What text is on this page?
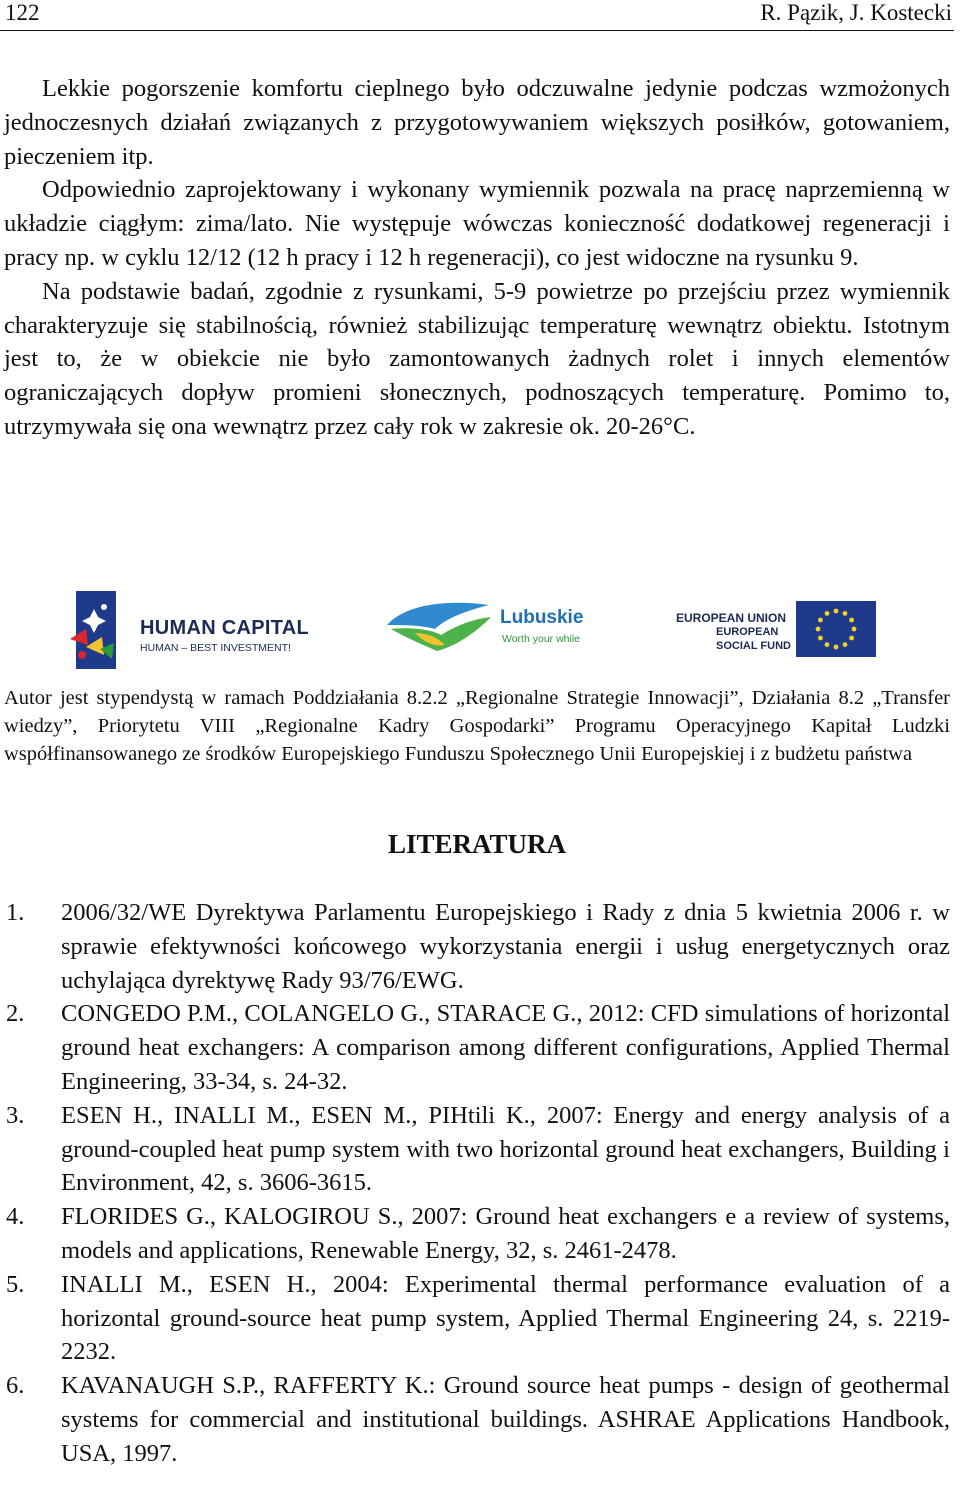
122	R. Pązik, J. Kostecki

Lekkie pogorszenie komfortu cieplnego było odczuwalne jedynie podczas wzmożonych jednoczesnych działań związanych z przygotowywaniem większych posiłków, gotowaniem, pieczeniem itp.

Odpowiednio zaprojektowany i wykonany wymiennik pozwala na pracę naprzemienną w układzie ciągłym: zima/lato. Nie występuje wówczas konieczność dodatkowej regeneracji i pracy np. w cyklu 12/12 (12 h pracy i 12 h regeneracji), co jest widoczne na rysunku 9.

Na podstawie badań, zgodnie z rysunkami, 5-9 powietrze po przejściu przez wymiennik charakteryzuje się stabilnością, również stabilizując temperaturę wewnątrz obiektu. Istotnym jest to, że w obiekcie nie było zamontowanych żadnych rolet i innych elementów ograniczających dopływ promieni słonecznych, podnoszących temperaturę. Pomimo to, utrzymywała się ona wewnątrz przez cały rok w zakresie ok. 20-26°C.

HUMAN CAPITAL
HUMAN – BEST INVESTMENT!
Lubuskie
Worth your while
EUROPEAN UNION
EUROPEAN
SOCIAL FUND
Autor jest stypendystą w ramach Poddziałania 8.2.2 „Regionalne Strategie Innowacji”, Działania 8.2 „Transfer wiedzy”, Priorytetu VIII „Regionalne Kadry Gospodarki” Programu Operacyjnego Kapitał Ludzki współfinansowanego ze środków Europejskiego Funduszu Społecznego Unii Europejskiej i z budżetu państwa
LITERATURA
1. 2006/32/WE Dyrektywa Parlamentu Europejskiego i Rady z dnia 5 kwietnia 2006 r. w sprawie efektywności końcowego wykorzystania energii i usług energetycznych oraz uchylająca dyrektywę Rady 93/76/EWG.
2. CONGEDO P.M., COLANGELO G., STARACE G., 2012: CFD simulations of horizontal ground heat exchangers: A comparison among different configurations, Applied Thermal Engineering, 33-34, s. 24-32.
3. ESEN H., INALLI M., ESEN M., PIHtili K., 2007: Energy and energy analysis of a ground-coupled heat pump system with two horizontal ground heat exchangers, Building i Environment, 42, s. 3606-3615.
4. FLORIDES G., KALOGIROU S., 2007: Ground heat exchangers e a review of systems, models and applications, Renewable Energy, 32, s. 2461-2478.
5. INALLI M., ESEN H., 2004: Experimental thermal performance evaluation of a horizontal ground-source heat pump system, Applied Thermal Engineering 24, s. 2219-2232.
6. KAVANAUGH S.P., RAFFERTY K.: Ground source heat pumps - design of geothermal systems for commercial and institutional buildings. ASHRAE Applications Handbook, USA, 1997.
